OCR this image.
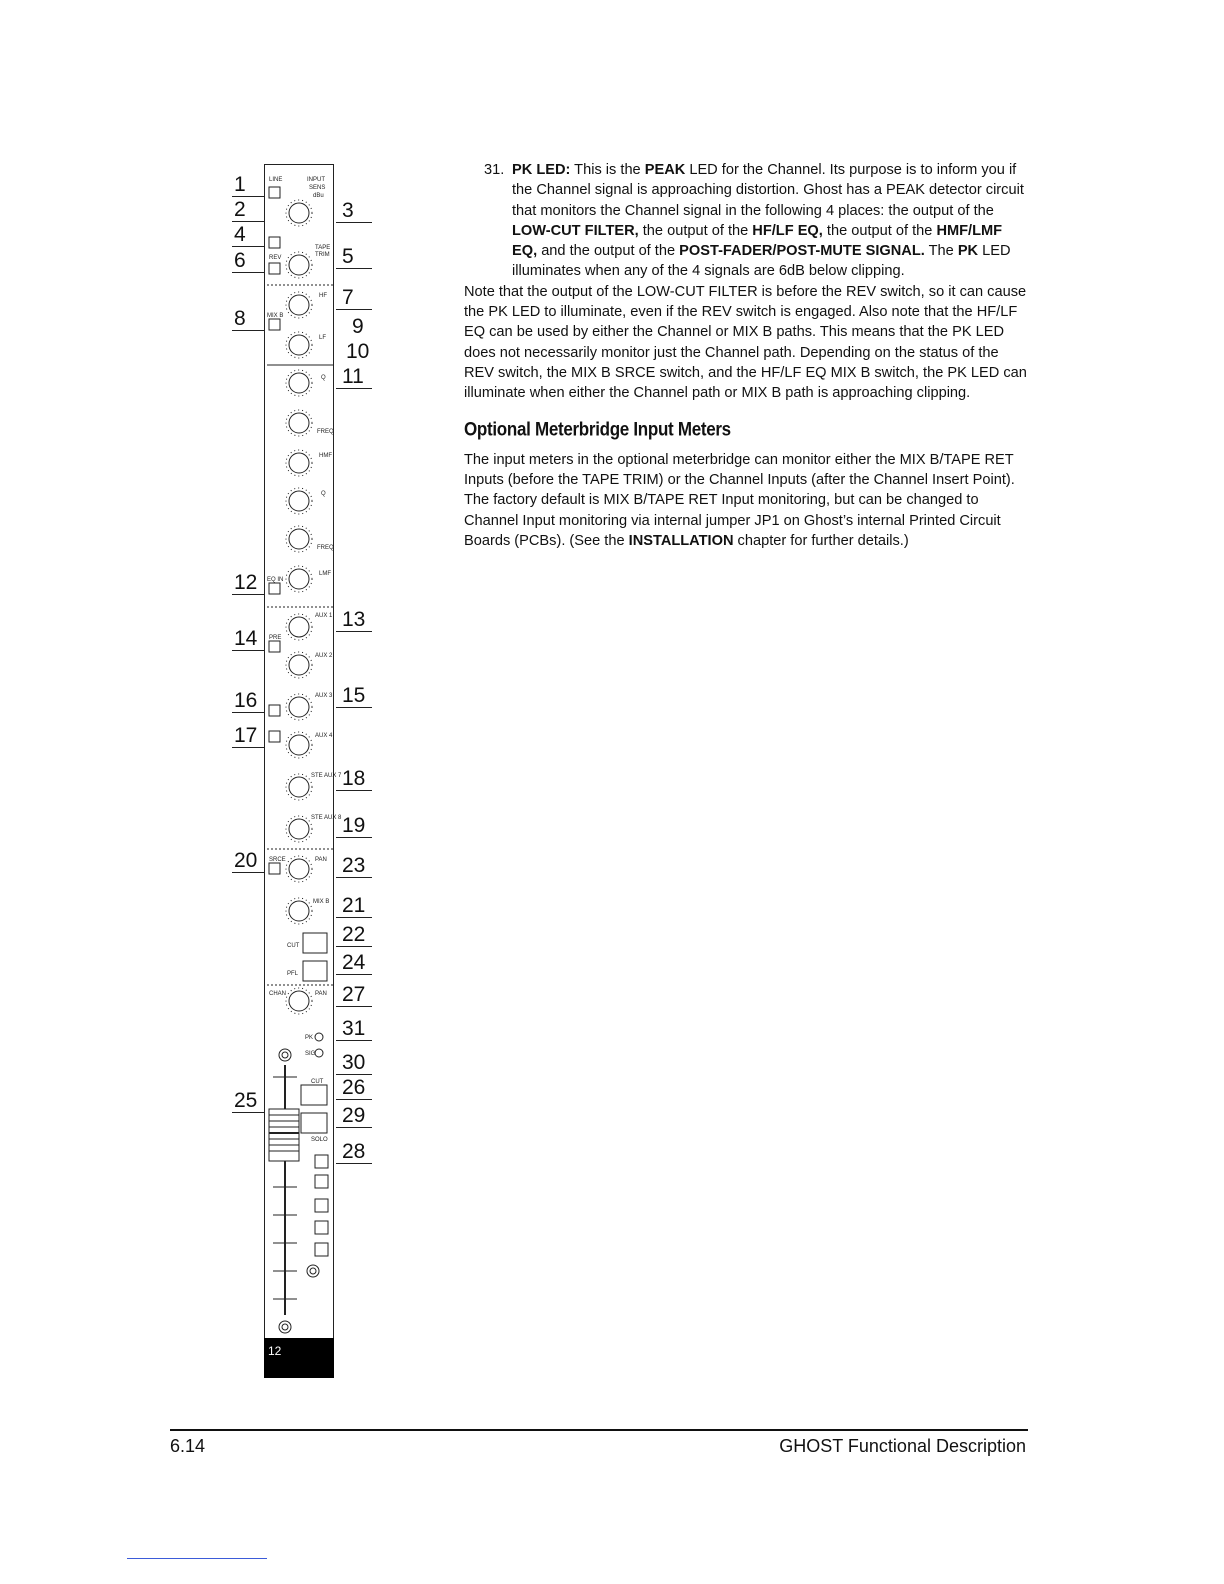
INPUT
SENS
dBu
LINE
TAPE
TRIM
REV
HF
MIX B
LF
Q
FREQ
HMF
Q
FREQ
LMF
EQ IN
AUX 1
AUX 2
PRE
AUX 3
AUX 4
STE AUX 7
STE AUX 8
SRCE	PAN
MIX B
CUT
PFL
CHAN	PAN
PK
SIG
CUT
SOLO
12
1
2
4
6
8
12
14
16
17
20
25
3
5
7
9
10
11
13
15
18
19
23
21
22
24
27
31
30
26
29
28
31. PK LED: This is the PEAK LED for the Channel. Its purpose is to inform you if the Channel signal is approaching distortion. Ghost has a PEAK detector circuit that monitors the Channel signal in the following 4 places: the output of the LOW-CUT FILTER, the output of the HF/LF EQ, the output of the HMF/LMF EQ, and the output of the POST-FADER/POST-MUTE SIGNAL. The PK LED illuminates when any of the 4 signals are 6dB below clipping.

Note that the output of the LOW-CUT FILTER is before the REV switch, so it can cause the PK LED to illuminate, even if the REV switch is engaged. Also note that the HF/LF EQ can be used by either the Channel or MIX B paths. This means that the PK LED does not necessarily monitor just the Channel path. Depending on the status of the REV switch, the MIX B SRCE switch, and the HF/LF EQ MIX B switch, the PK LED can illuminate when either the Channel path or MIX B path is approaching clipping.

Optional Meterbridge Input Meters

The input meters in the optional meterbridge can monitor either the MIX B/TAPE RET Inputs (before the TAPE TRIM) or the Channel Inputs (after the Channel Insert Point). The factory default is MIX B/TAPE RET Input monitoring, but can be changed to Channel Input monitoring via internal jumper JP1 on Ghost’s internal Printed Circuit Boards (PCBs). (See the INSTALLATION chapter for further details.)

6.14	GHOST Functional Description
